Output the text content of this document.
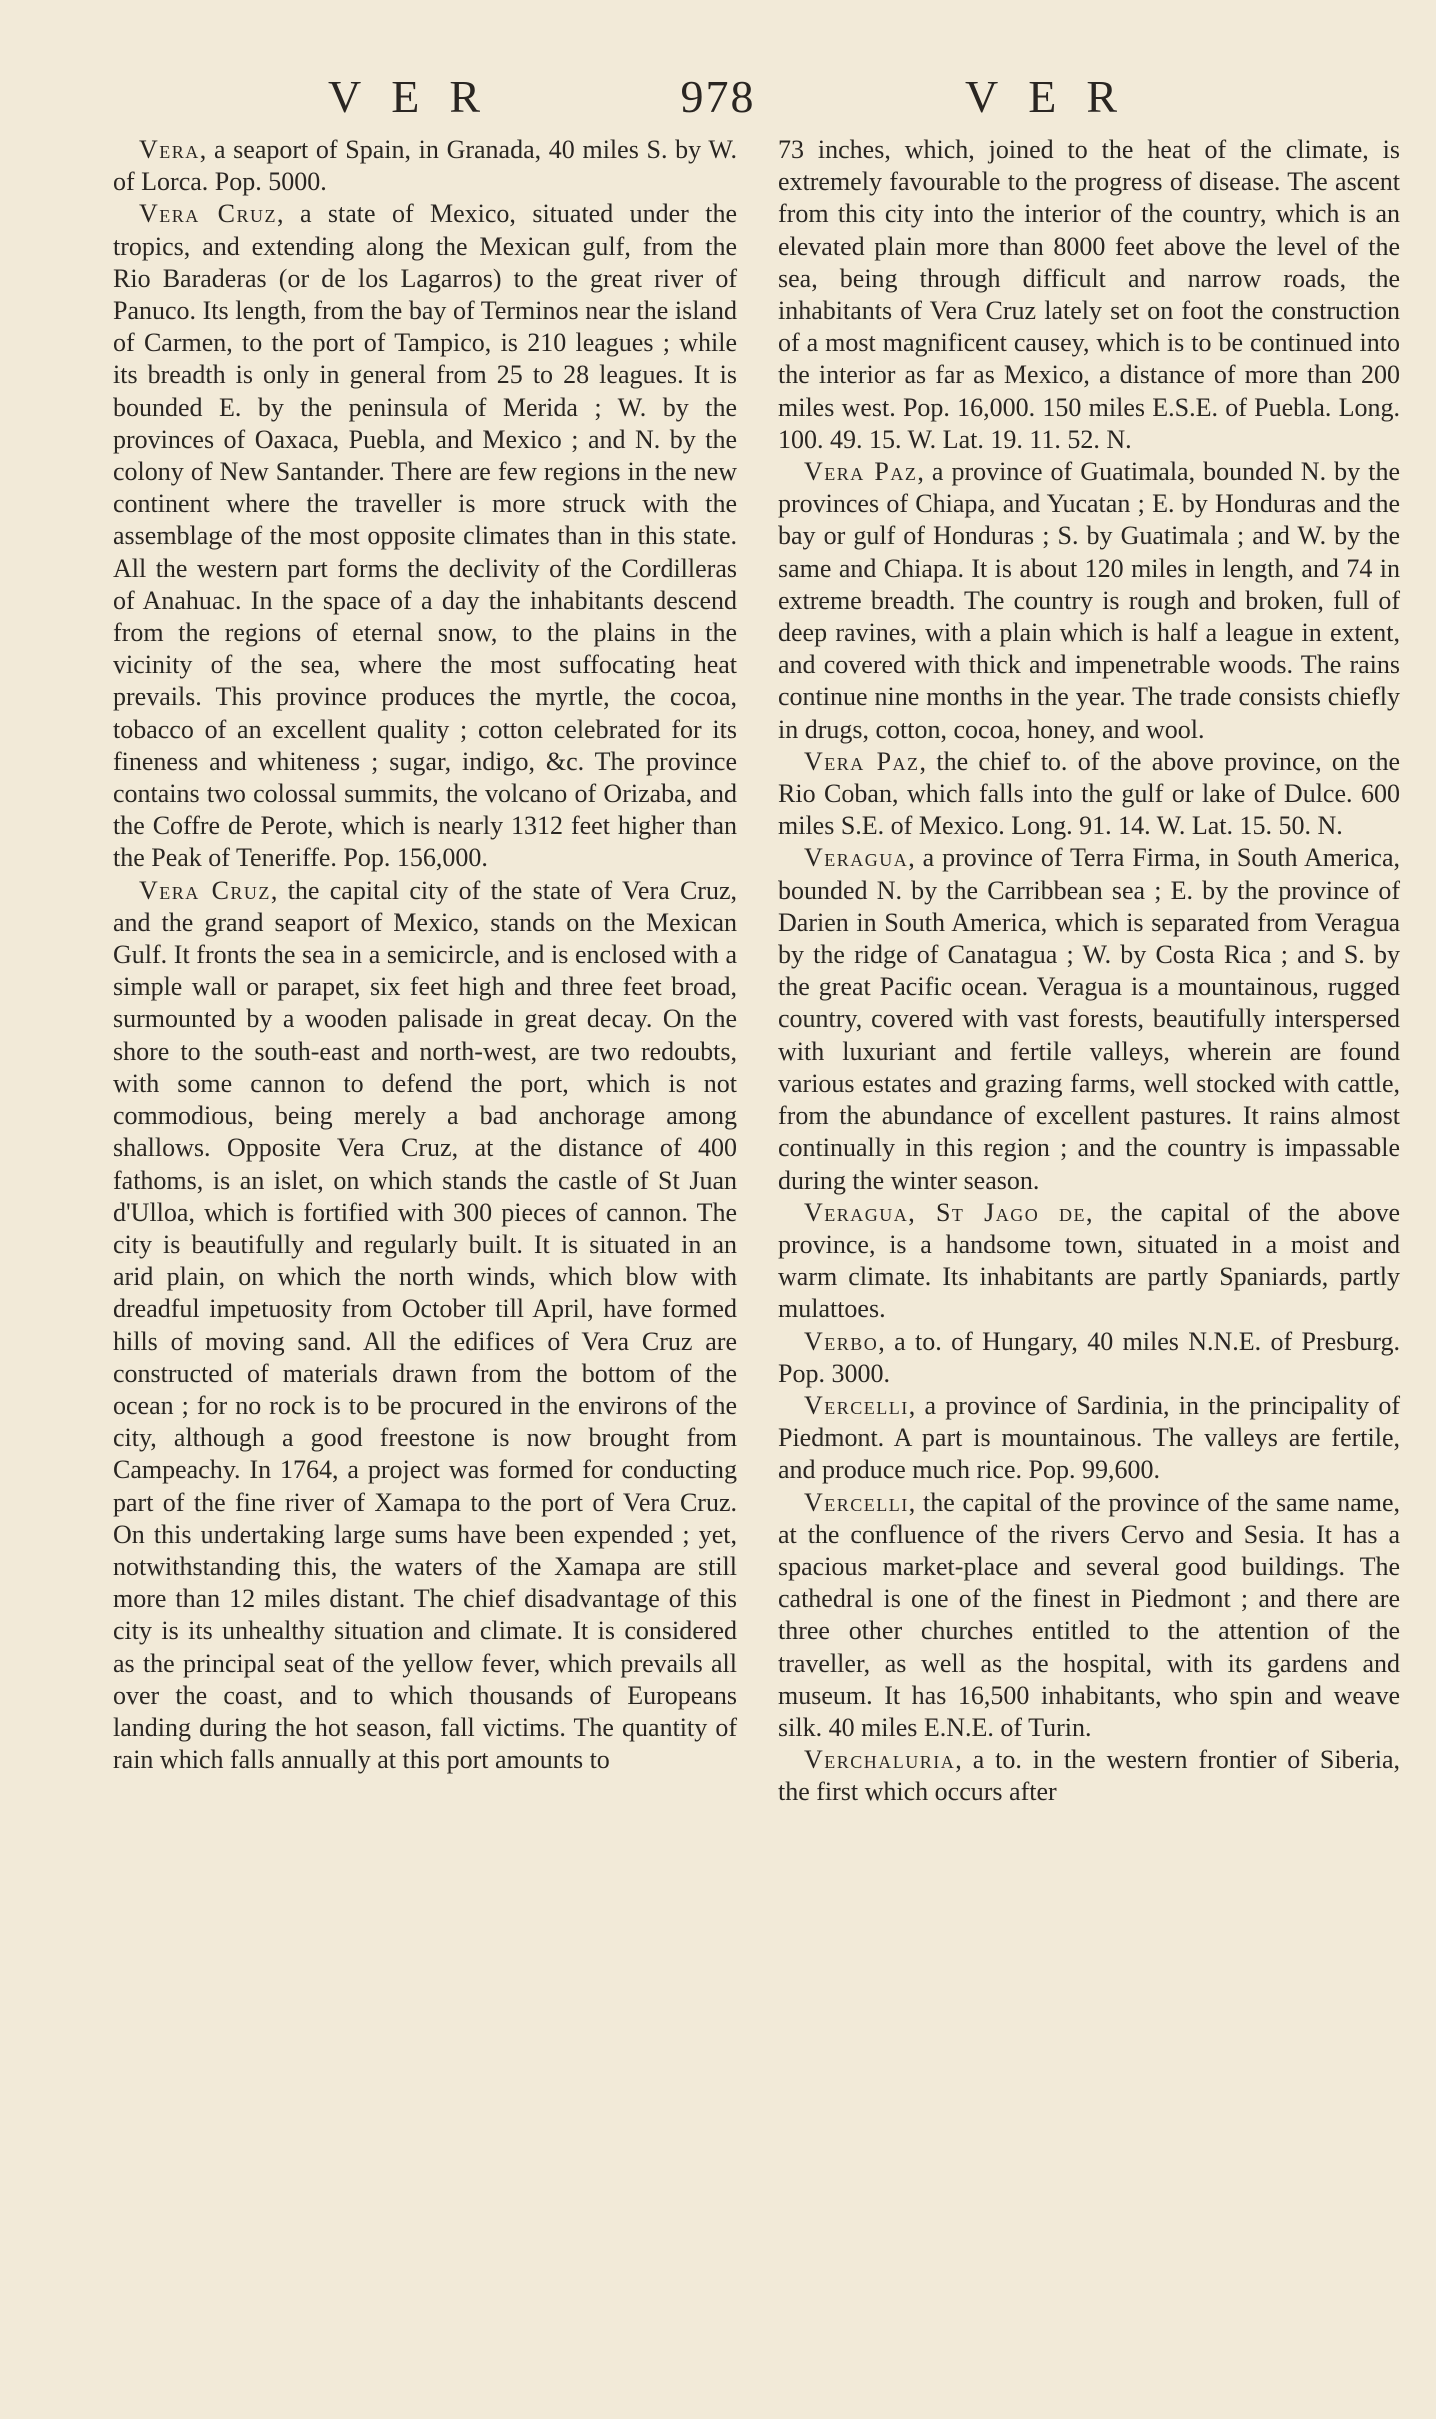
978
VER	VER

Vera, a seaport of Spain, in Granada, 40 miles S. by W. of Lorca. Pop. 5000.

Vera Cruz, a state of Mexico, situated under the tropics, and extending along the Mexican gulf, from the Rio Baraderas (or de los Lagarros) to the great river of Panuco. Its length, from the bay of Terminos near the island of Carmen, to the port of Tampico, is 210 leagues ; while its breadth is only in general from 25 to 28 leagues. It is bounded E. by the peninsula of Merida ; W. by the provinces of Oaxaca, Puebla, and Mexico ; and N. by the colony of New Santander. There are few regions in the new continent where the traveller is more struck with the assemblage of the most opposite climates than in this state. All the western part forms the declivity of the Cordilleras of Anahuac. In the space of a day the inhabitants descend from the regions of eternal snow, to the plains in the vicinity of the sea, where the most suffocating heat prevails. This province produces the myrtle, the cocoa, tobacco of an excellent quality ; cotton celebrated for its fineness and whiteness ; sugar, indigo, &c. The province contains two colossal summits, the volcano of Orizaba, and the Coffre de Perote, which is nearly 1312 feet higher than the Peak of Teneriffe. Pop. 156,000.

Vera Cruz, the capital city of the state of Vera Cruz, and the grand seaport of Mexico, stands on the Mexican Gulf. It fronts the sea in a semicircle, and is enclosed with a simple wall or parapet, six feet high and three feet broad, surmounted by a wooden palisade in great decay. On the shore to the south-east and north-west, are two redoubts, with some cannon to defend the port, which is not commodious, being merely a bad anchorage among shallows. Opposite Vera Cruz, at the distance of 400 fathoms, is an islet, on which stands the castle of St Juan d'Ulloa, which is fortified with 300 pieces of cannon. The city is beautifully and regularly built. It is situated in an arid plain, on which the north winds, which blow with dreadful impetuosity from October till April, have formed hills of moving sand. All the edifices of Vera Cruz are constructed of materials drawn from the bottom of the ocean ; for no rock is to be procured in the environs of the city, although a good freestone is now brought from Campeachy. In 1764, a project was formed for conducting part of the fine river of Xamapa to the port of Vera Cruz. On this undertaking large sums have been expended ; yet, notwithstanding this, the waters of the Xamapa are still more than 12 miles distant. The chief disadvantage of this city is its unhealthy situation and climate. It is considered as the principal seat of the yellow fever, which prevails all over the coast, and to which thousands of Europeans landing during the hot season, fall victims. The quantity of rain which falls annually at this port amounts to

73 inches, which, joined to the heat of the climate, is extremely favourable to the progress of disease. The ascent from this city into the interior of the country, which is an elevated plain more than 8000 feet above the level of the sea, being through difficult and narrow roads, the inhabitants of Vera Cruz lately set on foot the construction of a most magnificent causey, which is to be continued into the interior as far as Mexico, a distance of more than 200 miles west. Pop. 16,000. 150 miles E.S.E. of Puebla. Long. 100. 49. 15. W. Lat. 19. 11. 52. N.

Vera Paz, a province of Guatimala, bounded N. by the provinces of Chiapa, and Yucatan ; E. by Honduras and the bay or gulf of Honduras ; S. by Guatimala ; and W. by the same and Chiapa. It is about 120 miles in length, and 74 in extreme breadth. The country is rough and broken, full of deep ravines, with a plain which is half a league in extent, and covered with thick and impenetrable woods. The rains continue nine months in the year. The trade consists chiefly in drugs, cotton, cocoa, honey, and wool.

Vera Paz, the chief to. of the above province, on the Rio Coban, which falls into the gulf or lake of Dulce. 600 miles S.E. of Mexico. Long. 91. 14. W. Lat. 15. 50. N.

Veragua, a province of Terra Firma, in South America, bounded N. by the Carribbean sea ; E. by the province of Darien in South America, which is separated from Veragua by the ridge of Canatagua ; W. by Costa Rica ; and S. by the great Pacific ocean. Veragua is a mountainous, rugged country, covered with vast forests, beautifully interspersed with luxuriant and fertile valleys, wherein are found various estates and grazing farms, well stocked with cattle, from the abundance of excellent pastures. It rains almost continually in this region ; and the country is impassable during the winter season.

Veragua, St Jago de, the capital of the above province, is a handsome town, situated in a moist and warm climate. Its inhabitants are partly Spaniards, partly mulattoes.

Verbo, a to. of Hungary, 40 miles N.N.E. of Presburg. Pop. 3000.

Vercelli, a province of Sardinia, in the principality of Piedmont. A part is mountainous. The valleys are fertile, and produce much rice. Pop. 99,600.

Vercelli, the capital of the province of the same name, at the confluence of the rivers Cervo and Sesia. It has a spacious market-place and several good buildings. The cathedral is one of the finest in Piedmont ; and there are three other churches entitled to the attention of the traveller, as well as the hospital, with its gardens and museum. It has 16,500 inhabitants, who spin and weave silk. 40 miles E.N.E. of Turin.

Verchaluria, a to. in the western frontier of Siberia, the first which occurs after
